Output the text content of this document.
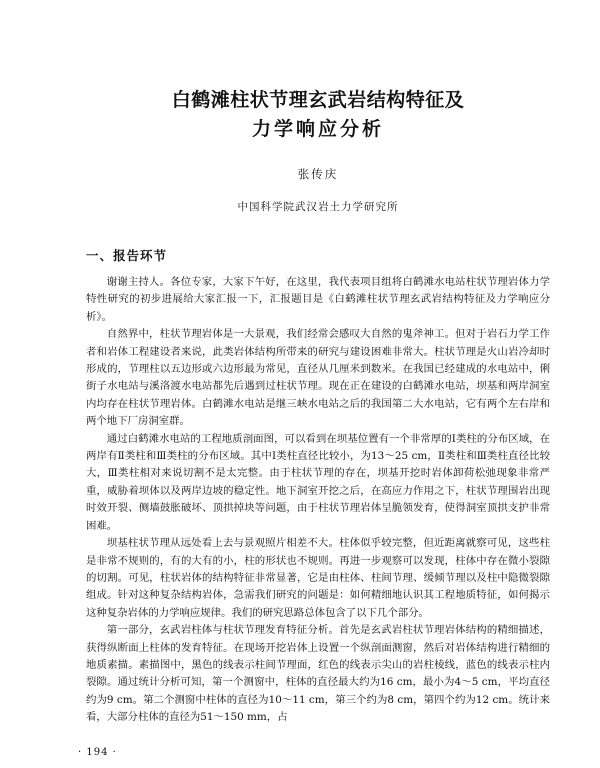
白鹤滩柱状节理玄武岩结构特征及
力学响应分析
张传庆
中国科学院武汉岩土力学研究所
一、报告环节

谢谢主持人。各位专家，大家下午好，在这里，我代表项目组将白鹤滩水电站柱状节理岩体力学特性研究的初步进展给大家汇报一下，汇报题目是《白鹤滩柱状节理玄武岩结构特征及力学响应分析》。

自然界中，柱状节理岩体是一大景观，我们经常会感叹大自然的鬼斧神工。但对于岩石力学工作者和岩体工程建设者来说，此类岩体结构所带来的研究与建设困难非常大。柱状节理是火山岩冷却时形成的，节理柱以五边形或六边形最为常见，直径从几厘米到数米。在我国已经建成的水电站中，俐街子水电站与溪洛渡水电站都先后遇到过柱状节理。现在正在建设的白鹤滩水电站，坝基和两岸洞室内均存在柱状节理岩体。白鹤滩水电站是继三峡水电站之后的我国第二大水电站，它有两个左右岸和两个地下厂房洞室群。

通过白鹤滩水电站的工程地质剖面图，可以看到在坝基位置有一个非常厚的Ⅰ类柱的分布区域，在两岸有Ⅱ类柱和Ⅲ类柱的分布区域。其中Ⅰ类柱直径比较小，为13～25 cm，Ⅱ类柱和Ⅲ类柱直径比较大，Ⅲ类柱相对来说切割不是太完整。由于柱状节理的存在，坝基开挖时岩体卸荷松弛现象非常严重，威胁着坝体以及两岸边坡的稳定性。地下洞室开挖之后，在高应力作用之下，柱状节理围岩出现时效开裂、侧墙鼓胀破坏、顶拱掉块等问题，由于柱状节理岩体呈脆领发育，使得洞室顶拱支护非常困难。

坝基柱状节理从远处看上去与景观照片相差不大。柱体似乎较完整，但近距离就察可见，这些柱是非常不规则的，有的大有的小，柱的形状也不规则。再进一步观察可以发现，柱体中存在微小裂隙的切割。可见，柱状岩体的结构特征非常显著，它是由柱体、柱间节理、缓倾节理以及柱中隐微裂隙组成。针对这种复杂结构岩体，急需我们研究的问题是：如何精细地认识其工程地质特征，如何揭示这种复杂岩体的力学响应规律。我们的研究思路总体包含了以下几个部分。

第一部分，玄武岩柱体与柱状节理发育特征分析。首先是玄武岩柱状节理岩体结构的精细描述，获得纵断面上柱体的发育特征。在现场开挖岩体上设置一个纵剖面测窗，然后对岩体结构进行精细的地质素描。素描图中，黑色的线表示柱间节理面，红色的线表示尖山的岩柱棱线，蓝色的线表示柱内裂隙。通过统计分析可知，第一个测窗中，柱体的直径最大约为16 cm，最小为4～5 cm，平均直径约为9 cm。第二个测窗中柱体的直径为10～11 cm，第三个约为8 cm，第四个约为12 cm。统计来看，大部分柱体的直径为51～150 mm，占

· 194 ·
